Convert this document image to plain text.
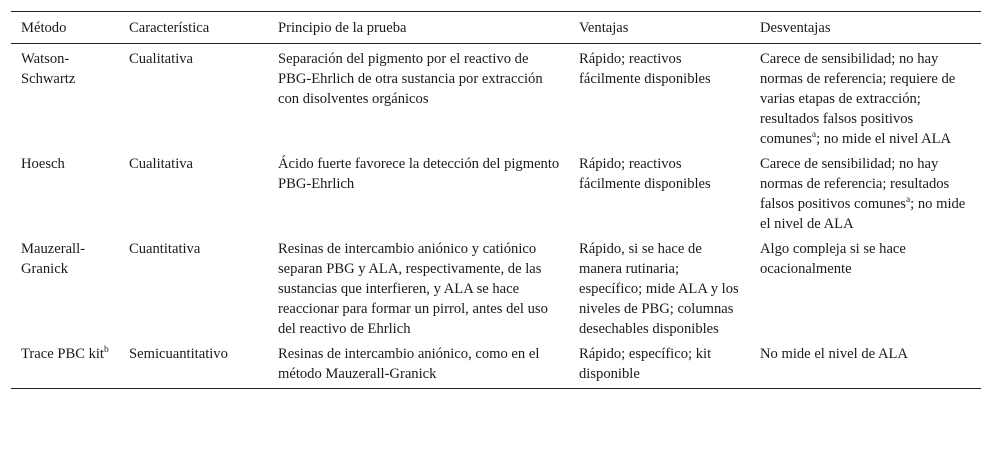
Método	Característica	Principio de la prueba	Ventajas	Desventajas
Watson-Schwartz	Cualitativa	Separación del pigmento por el reactivo de PBG-Ehrlich de otra sustancia por extracción con disolventes orgánicos	Rápido; reactivos fácilmente disponibles	Carece de sensibilidad; no hay normas de referencia; requiere de varias etapas de extracción; resultados falsos positivos comunes$^a$; no mide el nivel ALA
Hoesch	Cualitativa	Ácido fuerte favorece la detección del pigmento PBG-Ehrlich	Rápido; reactivos fácilmente disponibles	Carece de sensibilidad; no hay normas de referencia; resultados falsos positivos comunes$^a$; no mide el nivel de ALA
Mauzerall-Granick	Cuantitativa	Resinas de intercambio aniónico y catiónico separan PBG y ALA, respectivamente, de las sustancias que interfieren, y ALA se hace reaccionar para formar un pirrol, antes del uso del reactivo de Ehrlich	Rápido, si se hace de manera rutinaria; específico; mide ALA y los niveles de PBG; columnas desechables disponibles	Algo compleja si se hace ocacionalmente
Trace PBC kit$^b$	Semicuantitativo	Resinas de intercambio aniónico, como en el método Mauzerall-Granick	Rápido; específico; kit disponible	No mide el nivel de ALA
